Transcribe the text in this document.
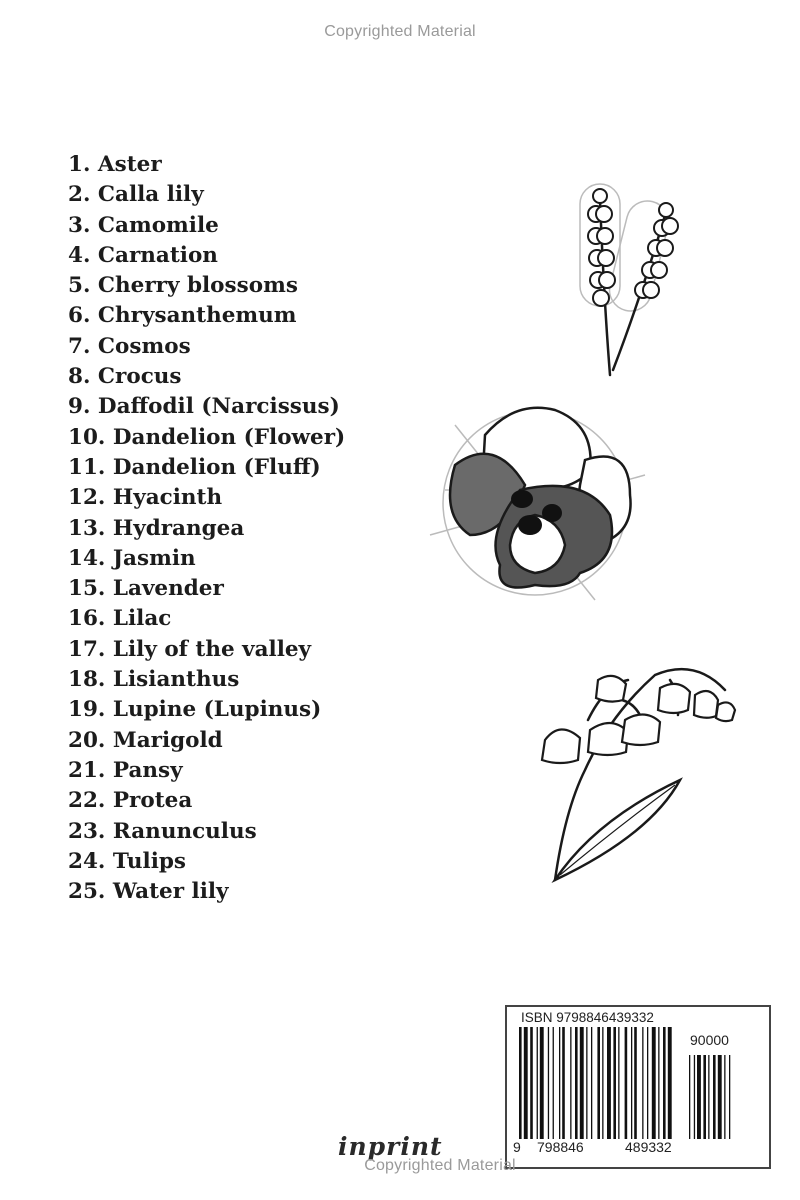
Copyrighted Material
1. Aster
2. Calla lily
3. Camomile
4. Carnation
5. Cherry blossoms
6. Chrysanthemum
7. Cosmos
8. Crocus
9. Daffodil (Narcissus)
10. Dandelion (Flower)
11. Dandelion (Fluff)
12. Hyacinth
13. Hydrangea
14. Jasmin
15. Lavender
16. Lilac
17. Lily of the valley
18. Lisianthus
19. Lupine (Lupinus)
20. Marigold
21. Pansy
22. Protea
23. Ranunculus
24. Tulips
25. Water lily
ISBN 9798846439332
90000
9 798846	489332
inprint
Copyrighted Material
